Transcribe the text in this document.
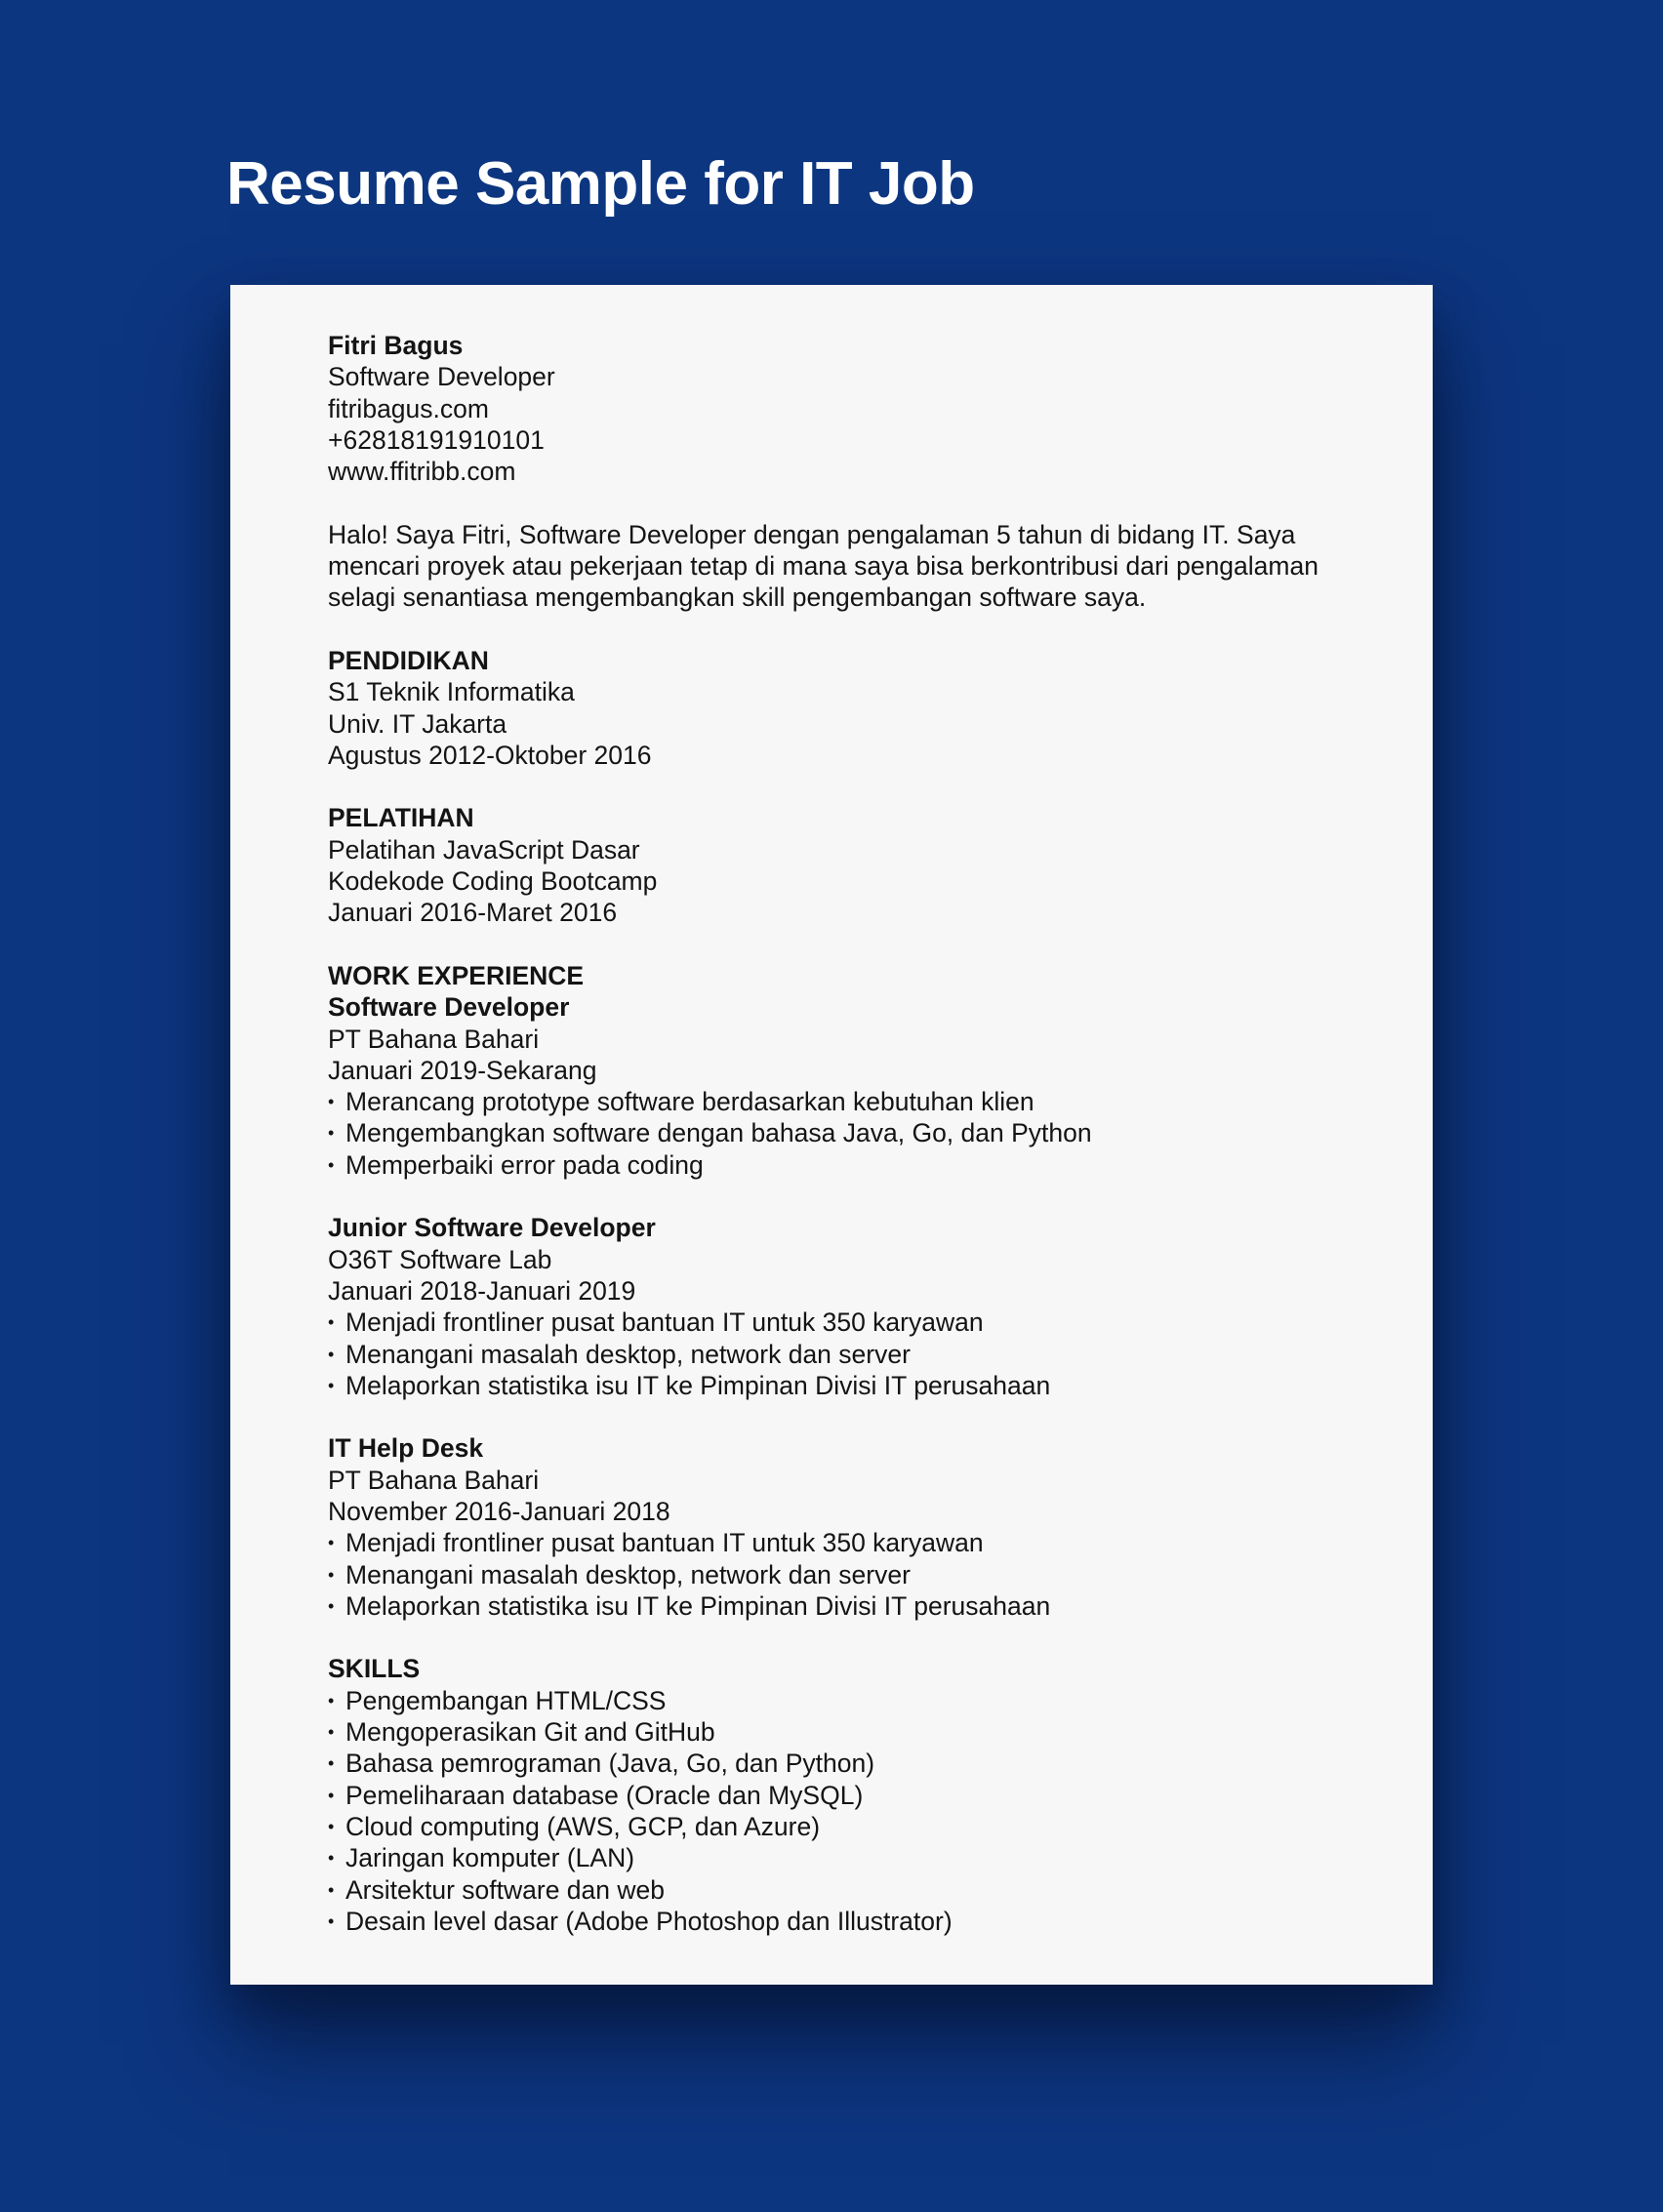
Resume Sample for IT Job
Fitri Bagus
Software Developer
fitribagus.com
+62818191910101
www.ffitribb.com

Halo! Saya Fitri, Software Developer dengan pengalaman 5 tahun di bidang IT. Saya mencari proyek atau pekerjaan tetap di mana saya bisa berkontribusi dari pengalaman selagi senantiasa mengembangkan skill pengembangan software saya.

PENDIDIKAN
S1 Teknik Informatika
Univ. IT Jakarta
Agustus 2012-Oktober 2016
PELATIHAN
Pelatihan JavaScript Dasar
Kodekode Coding Bootcamp
Januari 2016-Maret 2016
WORK EXPERIENCE
Software Developer
PT Bahana Bahari
Januari 2019-Sekarang
• Merancang prototype software berdasarkan kebutuhan klien
• Mengembangkan software dengan bahasa Java, Go, dan Python
• Memperbaiki error pada coding
Junior Software Developer
O36T Software Lab
Januari 2018-Januari 2019
• Menjadi frontliner pusat bantuan IT untuk 350 karyawan
• Menangani masalah desktop, network dan server
• Melaporkan statistika isu IT ke Pimpinan Divisi IT perusahaan
IT Help Desk
PT Bahana Bahari
November 2016-Januari 2018
• Menjadi frontliner pusat bantuan IT untuk 350 karyawan
• Menangani masalah desktop, network dan server
• Melaporkan statistika isu IT ke Pimpinan Divisi IT perusahaan
SKILLS
• Pengembangan HTML/CSS
• Mengoperasikan Git and GitHub
• Bahasa pemrograman (Java, Go, dan Python)
• Pemeliharaan database (Oracle dan MySQL)
• Cloud computing (AWS, GCP, dan Azure)
• Jaringan komputer (LAN)
• Arsitektur software dan web
• Desain level dasar (Adobe Photoshop dan Illustrator)
